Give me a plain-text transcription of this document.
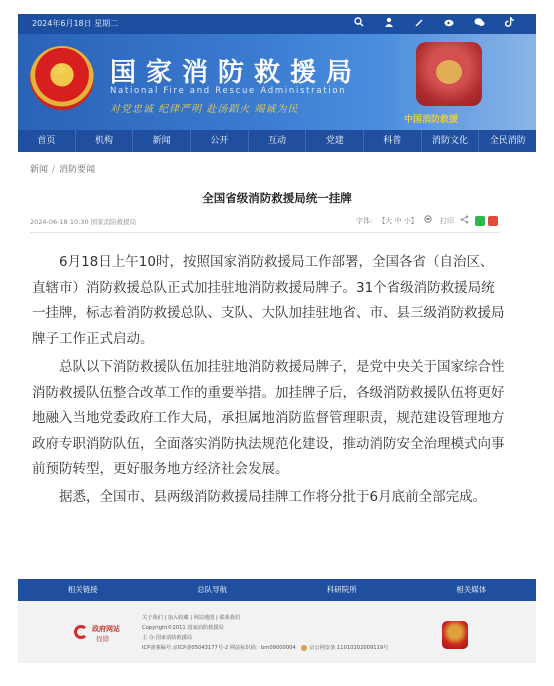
2024年6月18日 星期二
★
国家消防救援局
National Fire and Rescue Administration
对党忠诚 纪律严明 赴汤蹈火 竭诚为民
中国消防救援
首页	机构	新闻	公开	互动	党建	科普	消防文化	全民消防
新闻 / 消防要闻
全国省级消防救援局统一挂牌
2024-06-18 10:30 国家消防救援局	字体: 【大 中 小】	打印

6月18日上午10时，按照国家消防救援局工作部署，全国各省（自治区、直辖市）消防救援总队正式加挂驻地消防救援局牌子。31个省级消防救援局统一挂牌，标志着消防救援总队、支队、大队加挂驻地省、市、县三级消防救援局牌子工作正式启动。

总队以下消防救援队伍加挂驻地消防救援局牌子，是党中央关于国家综合性消防救援队伍整合改革工作的重要举措。加挂牌子后，各级消防救援队伍将更好地融入当地党委政府工作大局，承担属地消防监督管理职责，规范建设管理地方政府专职消防队伍，全面落实消防执法规范化建设，推动消防安全治理模式向事前预防转型，更好服务地方经济社会发展。

据悉，全国市、县两级消防救援局挂牌工作将分批于6月底前全部完成。

相关链接	总队导航	科研院所	相关媒体
政府网站
找错
关于我们 | 加入收藏 | 网站地图 | 联系我们
Copyright©2011 国家消防救援局
主 办:国家消防救援局
ICP备案编号:京ICP备05043177号-2 网站标识码：bm09000004	京公网安备 11010202009119号
